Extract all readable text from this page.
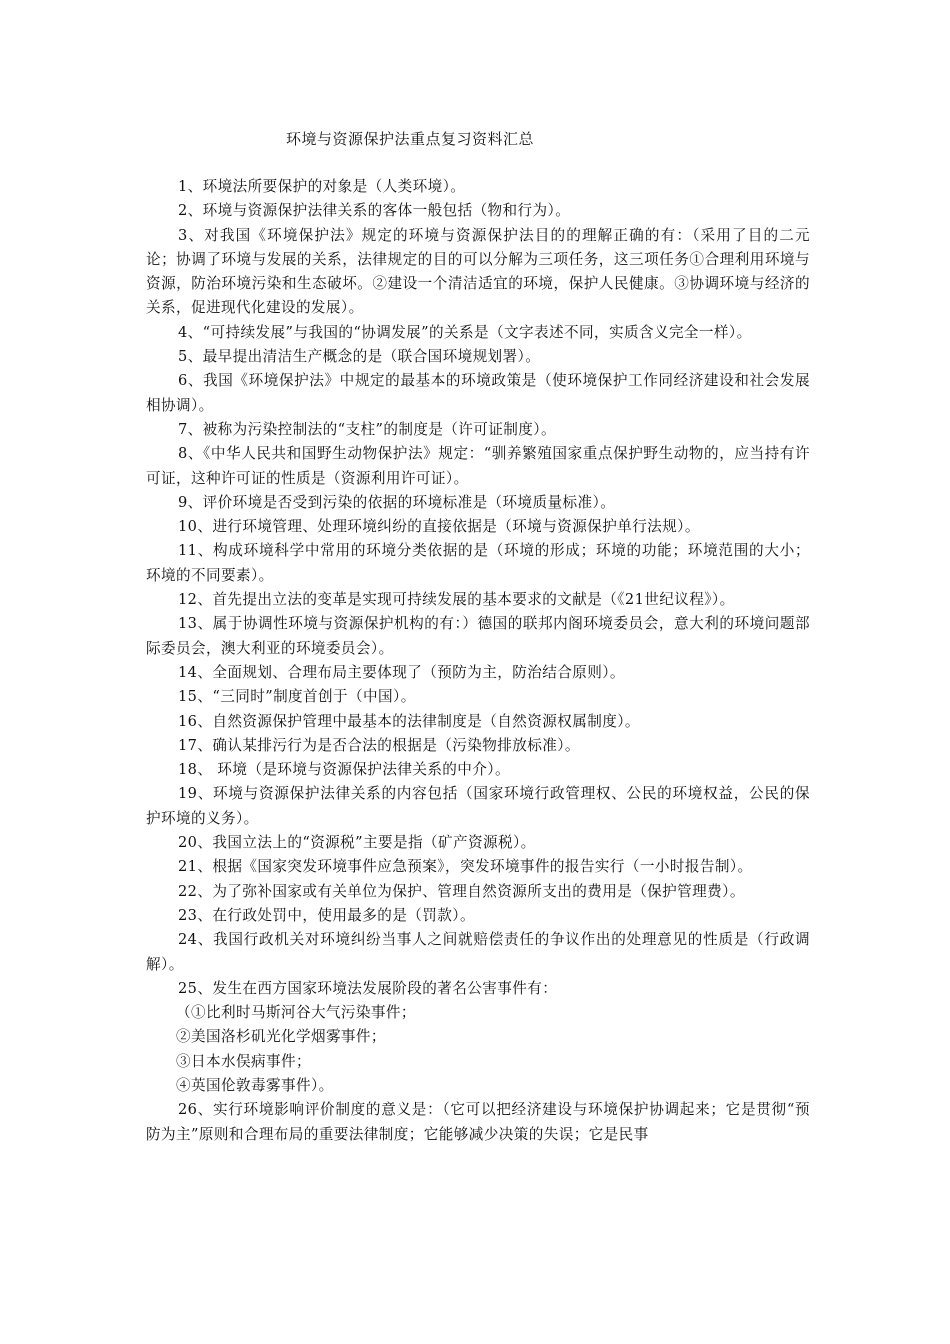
环境与资源保护法重点复习资料汇总

1、环境法所要保护的对象是（人类环境）。

2、环境与资源保护法律关系的客体一般包括（物和行为）。

3、对我国《环境保护法》规定的环境与资源保护法目的的理解正确的有：（采用了目的二元论；协调了环境与发展的关系，法律规定的目的可以分解为三项任务，这三项任务①合理利用环境与资源，防治环境污染和生态破坏。②建设一个清洁适宜的环境，保护人民健康。③协调环境与经济的关系，促进现代化建设的发展）。

4、“可持续发展”与我国的“协调发展”的关系是（文字表述不同，实质含义完全一样）。

5、最早提出清洁生产概念的是（联合国环境规划署）。

6、我国《环境保护法》中规定的最基本的环境政策是（使环境保护工作同经济建设和社会发展相协调）。

7、被称为污染控制法的“支柱”的制度是（许可证制度）。

8、《中华人民共和国野生动物保护法》规定：“驯养繁殖国家重点保护野生动物的，应当持有许可证，这种许可证的性质是（资源利用许可证）。

9、评价环境是否受到污染的依据的环境标准是（环境质量标准）。

10、进行环境管理、处理环境纠纷的直接依据是（环境与资源保护单行法规）。

11、构成环境科学中常用的环境分类依据的是（环境的形成；环境的功能；环境范围的大小；环境的不同要素）。

12、首先提出立法的变革是实现可持续发展的基本要求的文献是（《21世纪议程》）。

13、属于协调性环境与资源保护机构的有：）德国的联邦内阁环境委员会，意大利的环境问题部际委员会，澳大利亚的环境委员会）。

14、全面规划、合理布局主要体现了（预防为主，防治结合原则）。

15、“三同时”制度首创于（中国）。

16、自然资源保护管理中最基本的法律制度是（自然资源权属制度）。

17、确认某排污行为是否合法的根据是（污染物排放标准）。

18、 环境（是环境与资源保护法律关系的中介）。

19、环境与资源保护法律关系的内容包括（国家环境行政管理权、公民的环境权益，公民的保护环境的义务）。

20、我国立法上的“资源税”主要是指（矿产资源税）。

21、根据《国家突发环境事件应急预案》，突发环境事件的报告实行（一小时报告制）。

22、为了弥补国家或有关单位为保护、管理自然资源所支出的费用是（保护管理费）。

23、在行政处罚中，使用最多的是（罚款）。

24、我国行政机关对环境纠纷当事人之间就赔偿责任的争议作出的处理意见的性质是（行政调解）。

25、发生在西方国家环境法发展阶段的著名公害事件有：

（①比利时马斯河谷大气污染事件；

②美国洛杉矶光化学烟雾事件；

③日本水俣病事件；

④英国伦敦毒雾事件）。

26、实行环境影响评价制度的意义是：（它可以把经济建设与环境保护协调起来；它是贯彻“预防为主”原则和合理布局的重要法律制度；它能够减少决策的失误；它是民事
